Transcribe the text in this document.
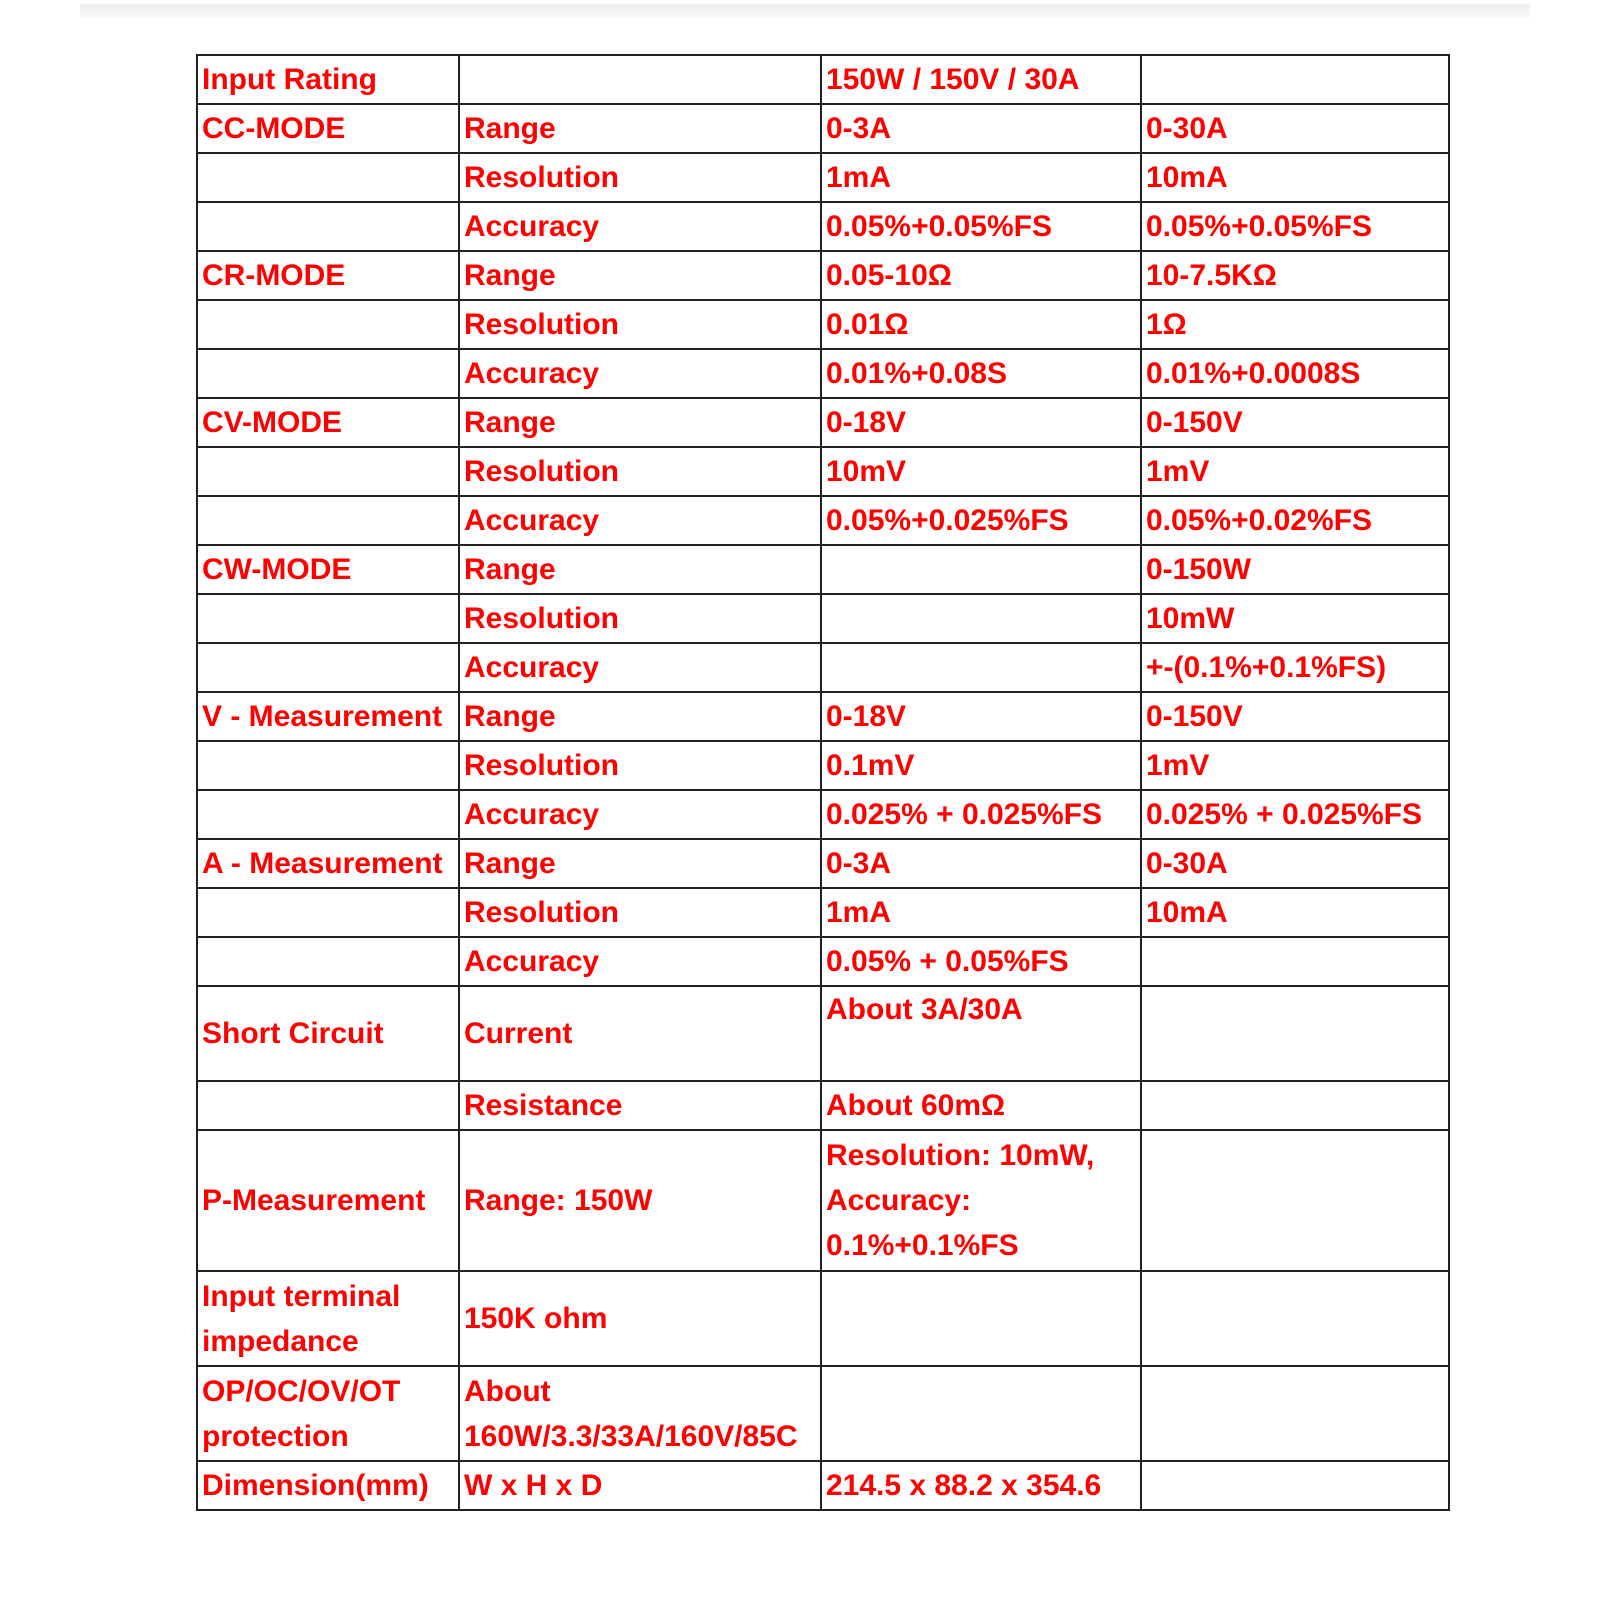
Input Rating		150W / 150V / 30A	
CC-MODE	Range	0-3A	0-30A
	Resolution	1mA	10mA
	Accuracy	0.05%+0.05%FS	0.05%+0.05%FS
CR-MODE	Range	0.05-10Ω	10-7.5KΩ
	Resolution	0.01Ω	1Ω
	Accuracy	0.01%+0.08S	0.01%+0.0008S
CV-MODE	Range	0-18V	0-150V
	Resolution	10mV	1mV
	Accuracy	0.05%+0.025%FS	0.05%+0.02%FS
CW-MODE	Range		0-150W
	Resolution		10mW
	Accuracy		+-(0.1%+0.1%FS)
V - Measurement	Range	0-18V	0-150V
	Resolution	0.1mV	1mV
	Accuracy	0.025% + 0.025%FS	0.025% + 0.025%FS
A - Measurement	Range	0-3A	0-30A
	Resolution	1mA	10mA
	Accuracy	0.05% + 0.05%FS	
Short Circuit	Current	About 3A/30A	
	Resistance	About 60mΩ	
P-Measurement	Range: 150W	Resolution: 10mW,
Accuracy:
0.1%+0.1%FS	
Input terminal
impedance	150K ohm		
OP/OC/OV/OT
protection	About
160W/3.3/33A/160V/85C		
Dimension(mm)	W x H x D	214.5 x 88.2 x 354.6	
